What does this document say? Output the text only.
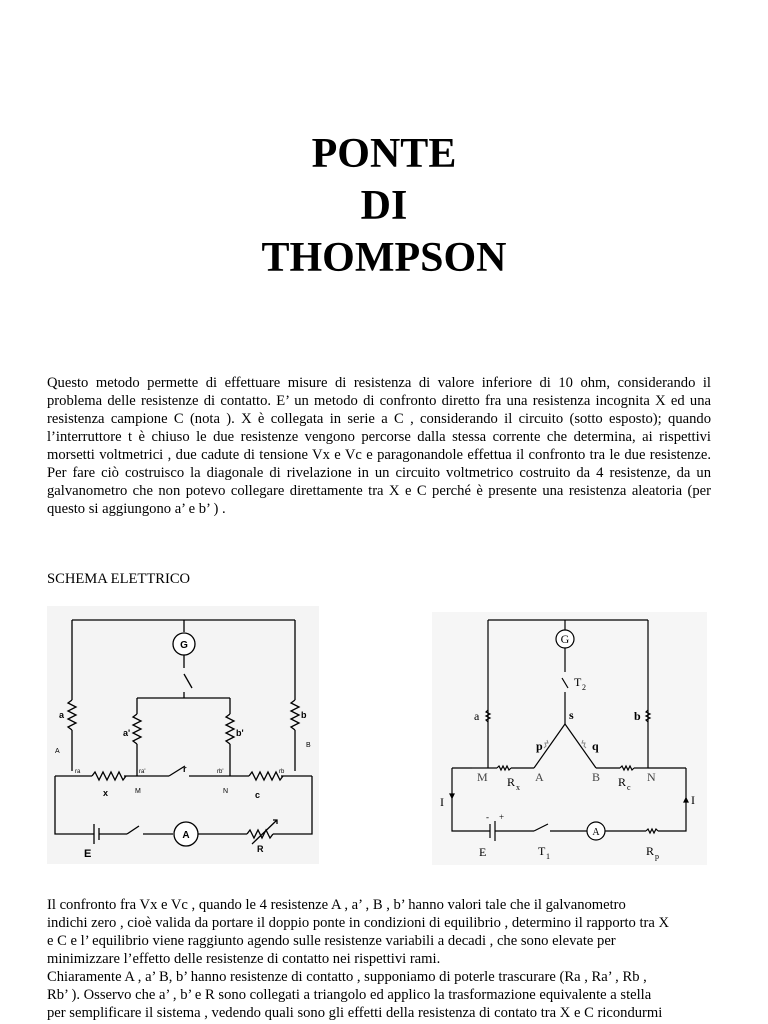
PONTE
DI
THOMPSON
Questo metodo permette di effettuare misure di resistenza di valore inferiore di 10 ohm, considerando il problema delle resistenze di contatto. E’ un metodo di confronto diretto fra una resistenza incognita X ed una resistenza campione C (nota ). X è collegata in serie a C , considerando il circuito (sotto esposto); quando l’interruttore t è chiuso le due resistenze vengono percorse dalla stessa corrente che determina, ai rispettivi morsetti voltmetrici , due cadute di tensione Vx e Vc e paragonandole effettua il confronto tra le due resistenze. Per fare ciò costruisco la diagonale di rivelazione in un circuito voltmetrico costruito da 4 resistenze, da un galvanometro che non potevo collegare direttamente tra X e C perché è presente una resistenza aleatoria (per questo si aggiungono a’ e b’ ) .
SCHEMA ELETTRICO
G
a	b
a'	b'
A
B
ra	ra'	rb'	rb
M	N
x	c
r
A
E	R
G
T 2
s
p	q
a	b
M R x
A	B R c
N
I	I
A
- +
E	T 1	R p
Il confronto fra Vx e Vc , quando le 4 resistenze A , a’ , B , b’ hanno valori tale che il galvanometro
indichi zero , cioè valida da portare il doppio ponte in condizioni di equilibrio , determino il rapporto tra X
e C e l’ equilibrio viene raggiunto agendo sulle resistenze variabili a decadi , che sono elevate per
minimizzare l’effetto delle resistenze di contatto nei rispettivi rami.
Chiaramente A , a’ B, b’ hanno resistenze di contatto , supponiamo di poterle trascurare (Ra , Ra’ , Rb ,
Rb’ ). Osservo che a’ , b’ e R sono collegati a triangolo ed applico la trasformazione equivalente a stella
per semplificare il sistema , vedendo quali sono gli effetti della resistenza di contato tra X e C ricondurmi
